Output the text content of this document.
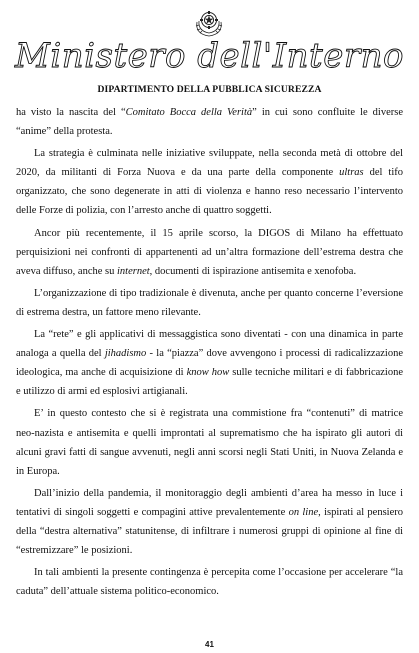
Ministero dell'Interno
DIPARTIMENTO DELLA PUBBLICA SICUREZZA

ha visto la nascita del “Comitato Bocca della Verità” in cui sono confluite le diverse “anime” della protesta.

La strategia è culminata nelle iniziative sviluppate, nella seconda metà di ottobre del 2020, da militanti di Forza Nuova e da una parte della componente ultras del tifo organizzato, che sono degenerate in atti di violenza e hanno reso necessario l’intervento delle Forze di polizia, con l’arresto anche di quattro soggetti.

Ancor più recentemente, il 15 aprile scorso, la DIGOS di Milano ha effettuato perquisizioni nei confronti di appartenenti ad un’altra formazione dell’estrema destra che aveva diffuso, anche su internet, documenti di ispirazione antisemita e xenofoba.

L’organizzazione di tipo tradizionale è divenuta, anche per quanto concerne l’eversione di estrema destra, un fattore meno rilevante.

La “rete” e gli applicativi di messaggistica sono diventati - con una dinamica in parte analoga a quella del jihadismo - la “piazza” dove avvengono i processi di radicalizzazione ideologica, ma anche di acquisizione di know how sulle tecniche militari e di fabbricazione e utilizzo di armi ed esplosivi artigianali.

E’ in questo contesto che si è registrata una commistione fra “contenuti” di matrice neo-nazista e antisemita e quelli improntati al suprematismo che ha ispirato gli autori di alcuni gravi fatti di sangue avvenuti, negli anni scorsi negli Stati Uniti, in Nuova Zelanda e in Europa.

Dall’inizio della pandemia, il monitoraggio degli ambienti d’area ha messo in luce i tentativi di singoli soggetti e compagini attive prevalentemente on line, ispirati al pensiero della “destra alternativa” statunitense, di infiltrare i numerosi gruppi di opinione al fine di “estremizzare” le posizioni.

In tali ambienti la presente contingenza è percepita come l’occasione per accelerare “la caduta” dell’attuale sistema politico-economico.

41
